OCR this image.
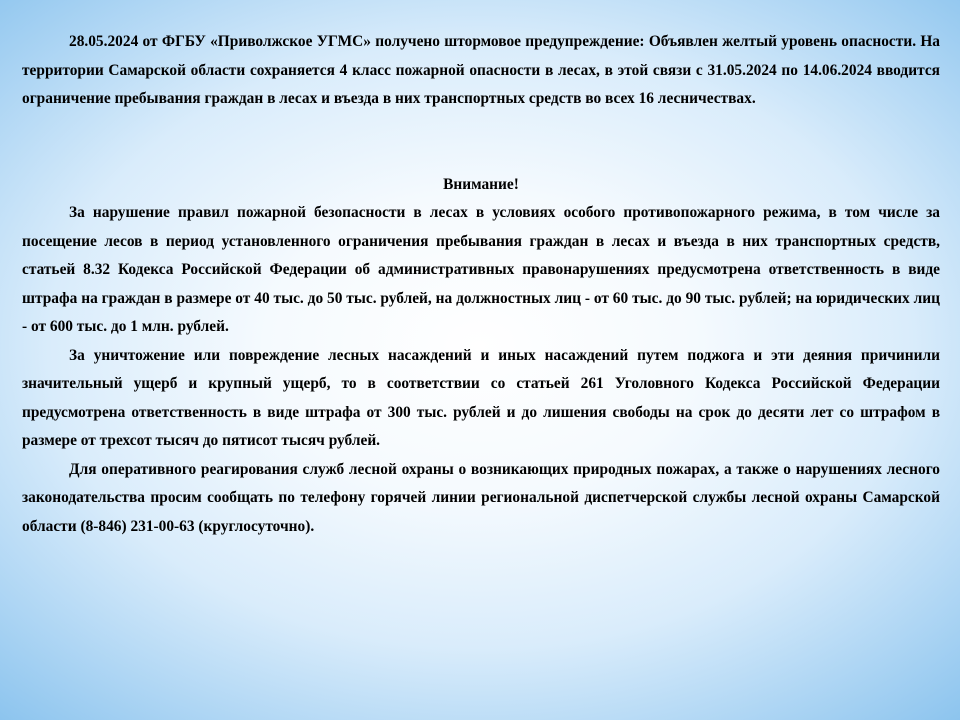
28.05.2024 от ФГБУ «Приволжское УГМС» получено штормовое предупреждение: Объявлен желтый уровень опасности. На территории Самарской области сохраняется 4 класс пожарной опасности в лесах, в этой связи с 31.05.2024 по 14.06.2024 вводится ограничение пребывания граждан в лесах и въезда в них транспортных средств во всех 16 лесничествах.

Внимание!

За нарушение правил пожарной безопасности в лесах в условиях особого противопожарного режима, в том числе за посещение лесов в период установленного ограничения пребывания граждан в лесах и въезда в них транспортных средств, статьей 8.32 Кодекса Российской Федерации об административных правонарушениях предусмотрена ответственность в виде штрафа на граждан в размере от 40 тыс. до 50 тыс. рублей, на должностных лиц - от 60 тыс. до 90 тыс. рублей; на юридических лиц - от 600 тыс. до 1 млн. рублей.

За уничтожение или повреждение лесных насаждений и иных насаждений путем поджога и эти деяния причинили значительный ущерб и крупный ущерб, то в соответствии со статьей 261 Уголовного Кодекса Российской Федерации предусмотрена ответственность в виде штрафа от 300 тыс. рублей и до лишения свободы на срок до десяти лет со штрафом в размере от трехсот тысяч до пятисот тысяч рублей.

Для оперативного реагирования служб лесной охраны о возникающих природных пожарах, а также о нарушениях лесного законодательства просим сообщать по телефону горячей линии региональной диспетчерской службы лесной охраны Самарской области (8-846) 231-00-63 (круглосуточно).
